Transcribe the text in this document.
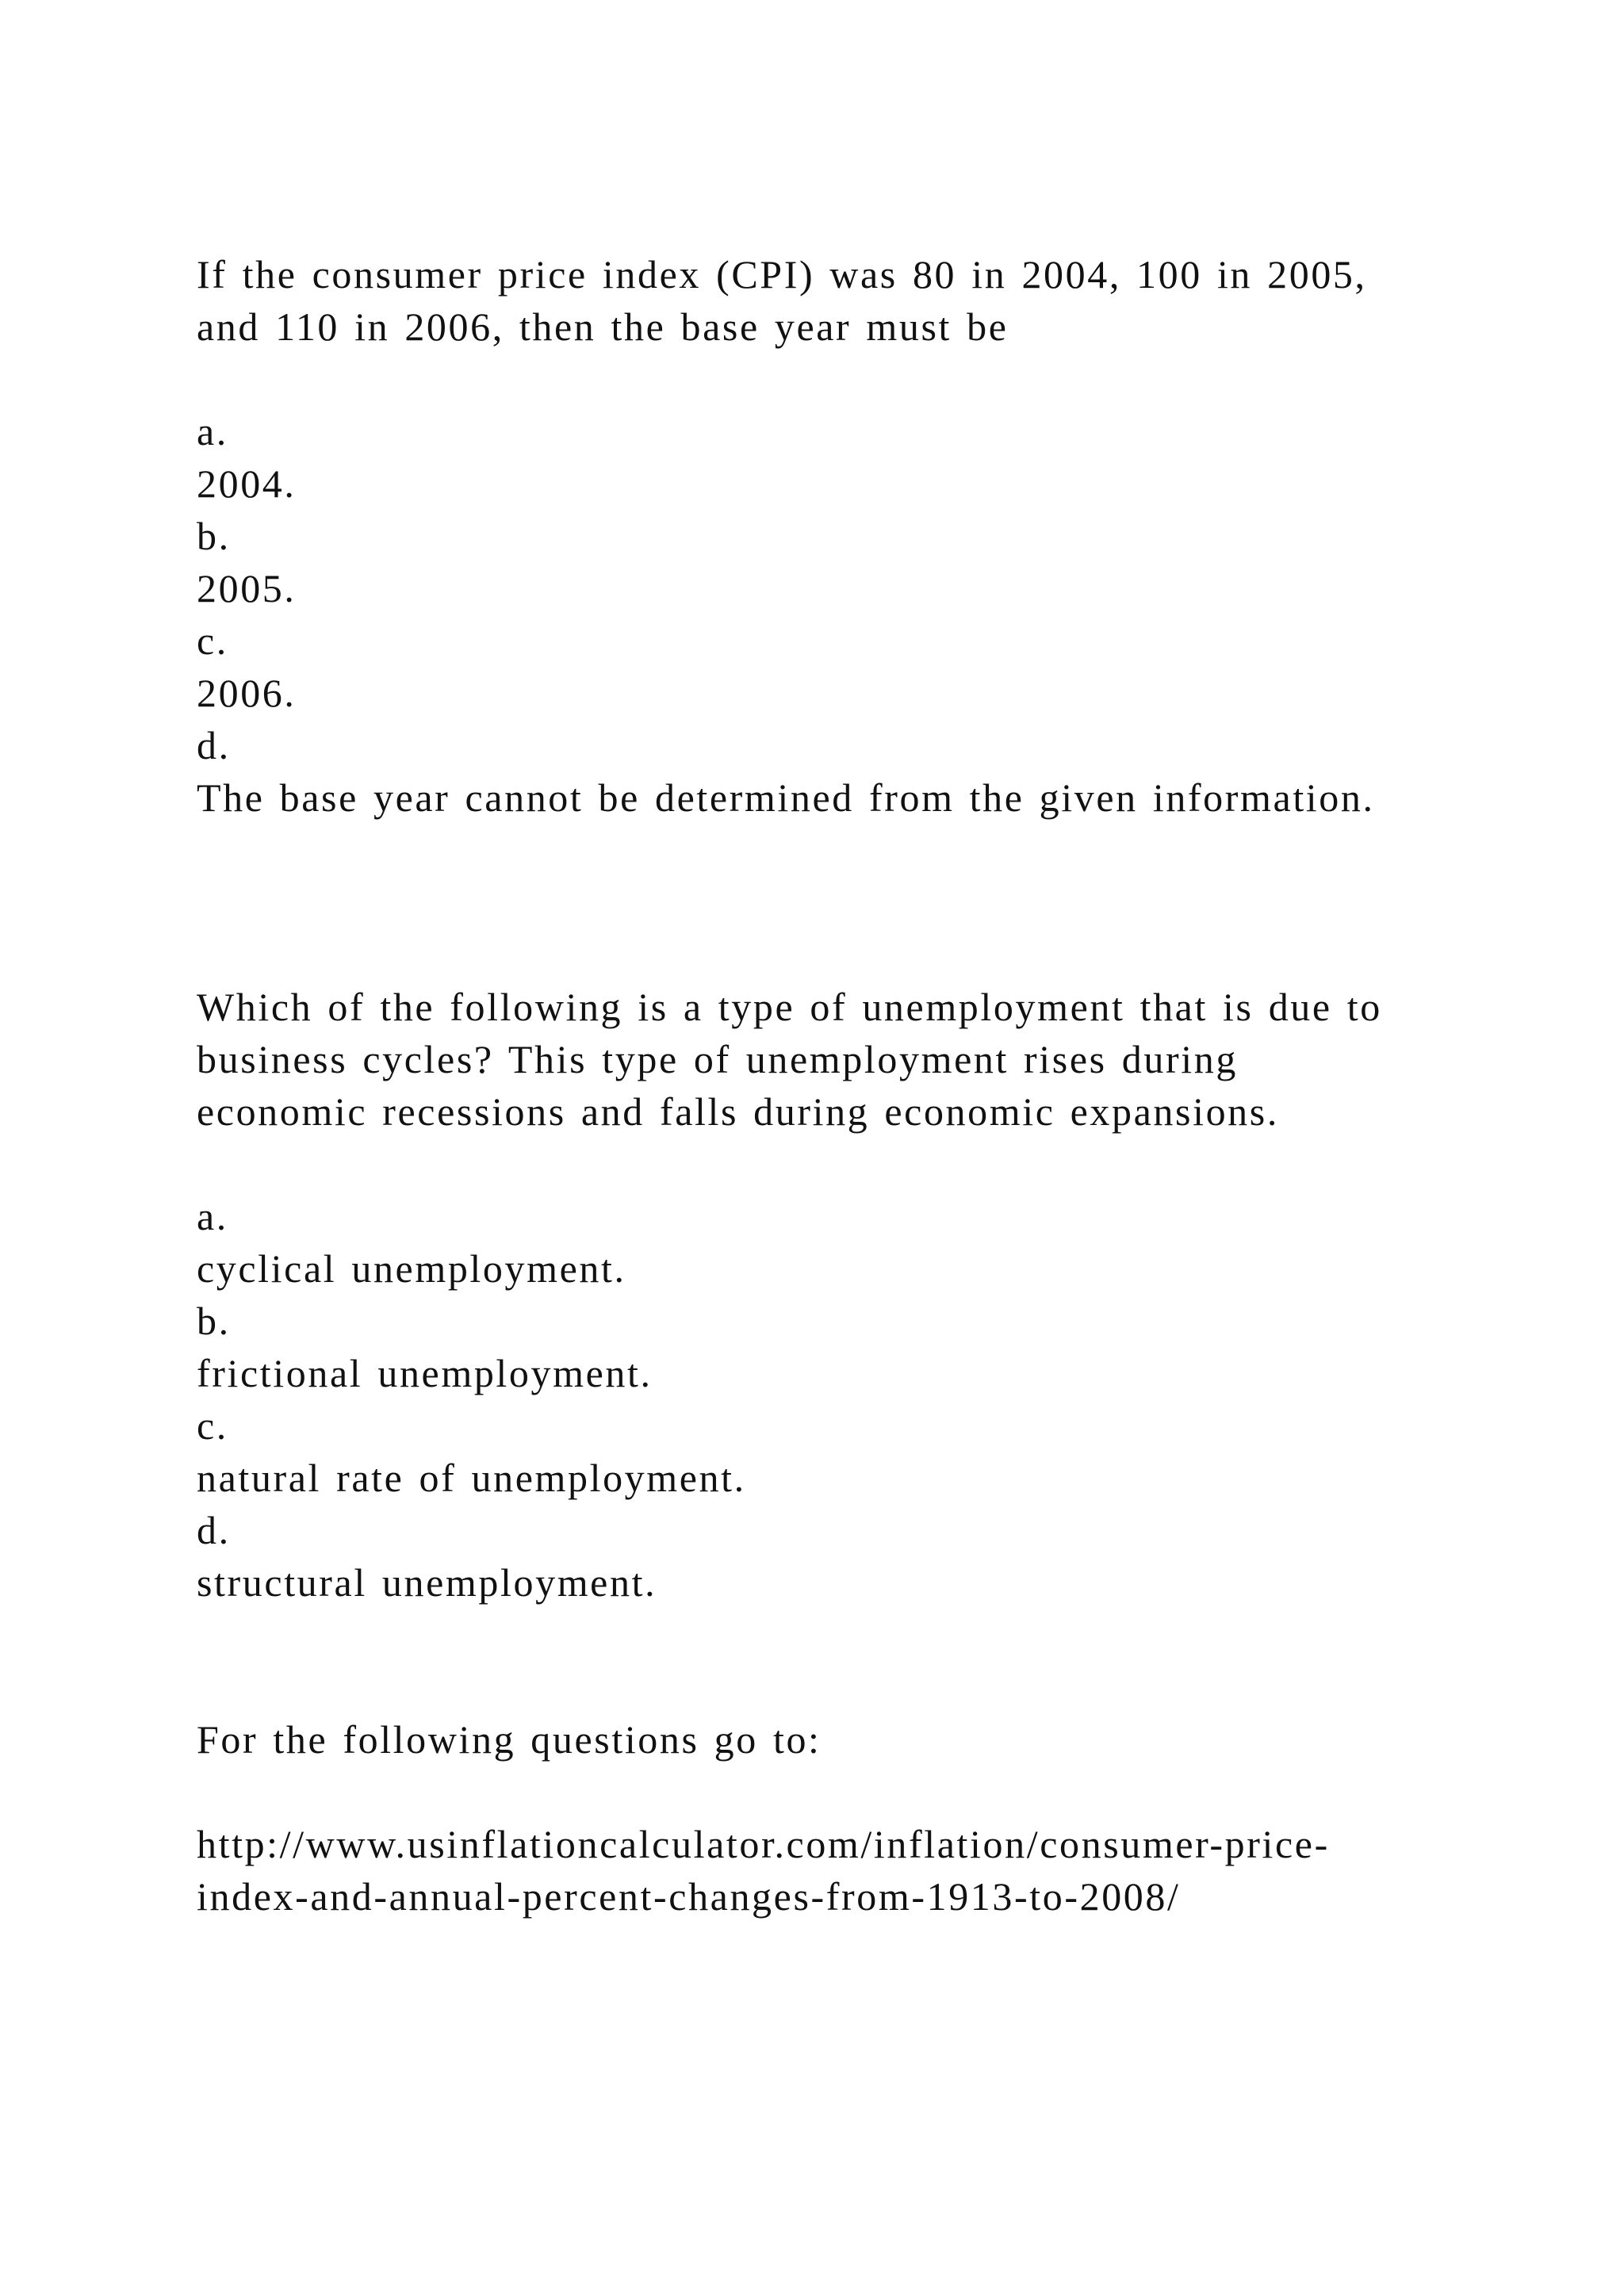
If the consumer price index (CPI) was 80 in 2004, 100 in 2005,
and 110 in 2006, then the base year must be
a.
2004.
b.
2005.
c.
2006.
d.
The base year cannot be determined from the given information.
Which of the following is a type of unemployment that is due to
business cycles? This type of unemployment rises during
economic recessions and falls during economic expansions.
a.
cyclical unemployment.
b.
frictional unemployment.
c.
natural rate of unemployment.
d.
structural unemployment.
For the following questions go to:
http://www.usinflationcalculator.com/inflation/consumer-price-
index-and-annual-percent-changes-from-1913-to-2008/
